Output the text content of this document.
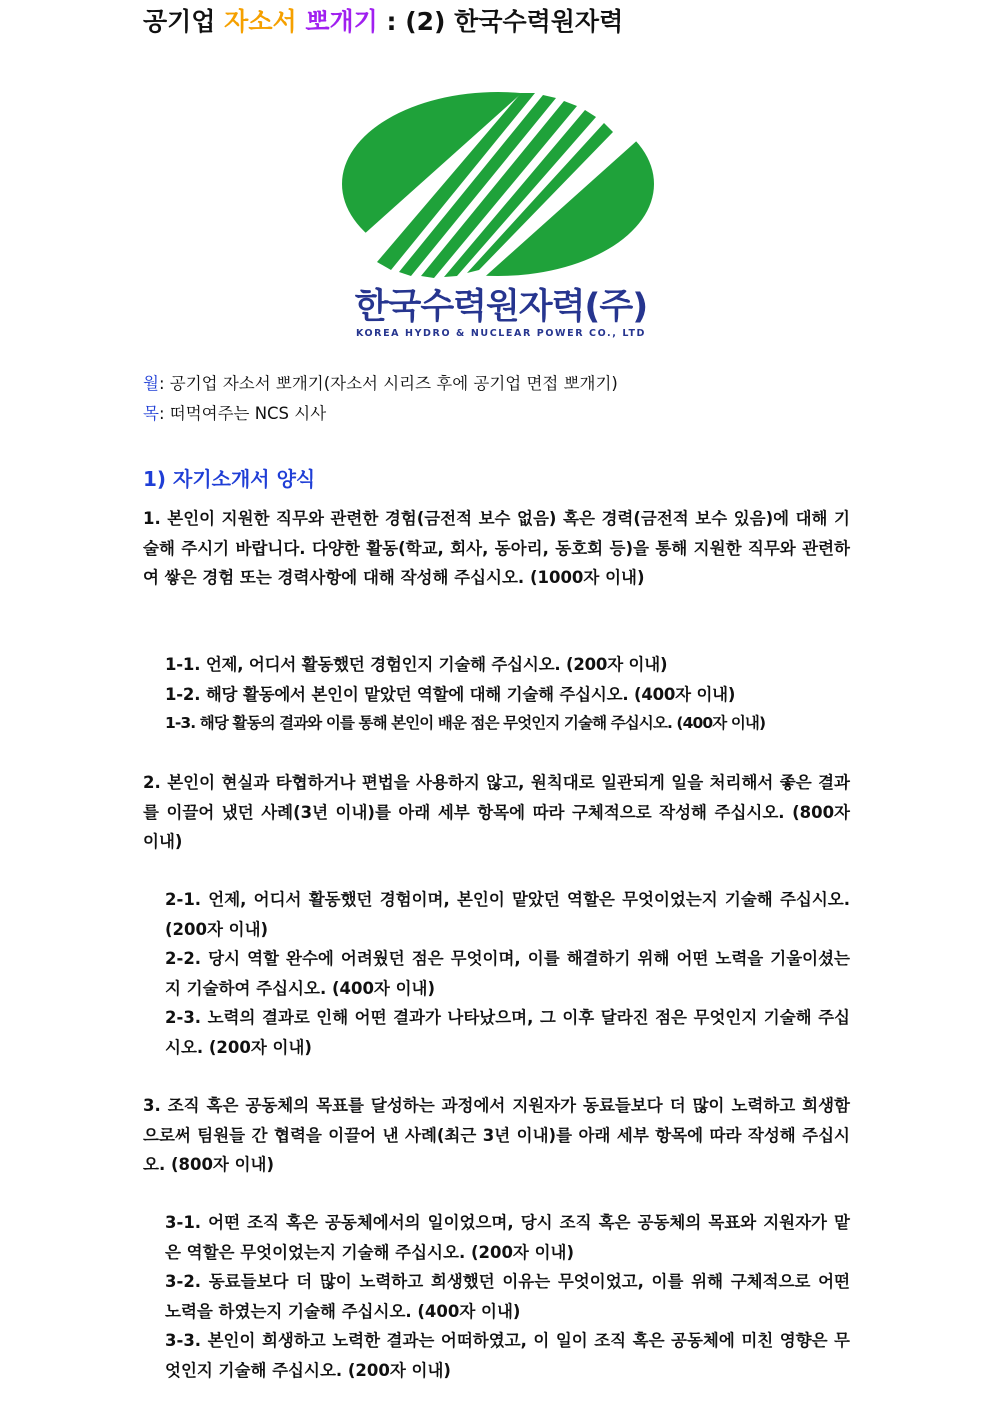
공기업 자소서 뽀개기 : (2) 한국수력원자력
한국수력원자력(주)
KOREA HYDRO & NUCLEAR POWER CO., LTD
월: 공기업 자소서 뽀개기(자소서 시리즈 후에 공기업 면접 뽀개기)
목: 떠먹여주는 NCS 시사
1) 자기소개서 양식
1. 본인이 지원한 직무와 관련한 경험(금전적 보수 없음) 혹은 경력(금전적 보수 있음)에 대해 기술해 주시기 바랍니다. 다양한 활동(학교, 회사, 동아리, 동호회 등)을 통해 지원한 직무와 관련하여 쌓은 경험 또는 경력사항에 대해 작성해 주십시오. (1000자 이내)
1-1. 언제, 어디서 활동했던 경험인지 기술해 주십시오. (200자 이내)
1-2. 해당 활동에서 본인이 맡았던 역할에 대해 기술해 주십시오. (400자 이내)
1-3. 해당 활동의 결과와 이를 통해 본인이 배운 점은 무엇인지 기술해 주십시오. (400자 이내)
2. 본인이 현실과 타협하거나 편법을 사용하지 않고, 원칙대로 일관되게 일을 처리해서 좋은 결과를 이끌어 냈던 사례(3년 이내)를 아래 세부 항목에 따라 구체적으로 작성해 주십시오. (800자 이내)
2-1. 언제, 어디서 활동했던 경험이며, 본인이 맡았던 역할은 무엇이었는지 기술해 주십시오. (200자 이내)
2-2. 당시 역할 완수에 어려웠던 점은 무엇이며, 이를 해결하기 위해 어떤 노력을 기울이셨는지 기술하여 주십시오. (400자 이내)
2-3. 노력의 결과로 인해 어떤 결과가 나타났으며, 그 이후 달라진 점은 무엇인지 기술해 주십시오. (200자 이내)
3. 조직 혹은 공동체의 목표를 달성하는 과정에서 지원자가 동료들보다 더 많이 노력하고 희생함으로써 팀원들 간 협력을 이끌어 낸 사례(최근 3년 이내)를 아래 세부 항목에 따라 작성해 주십시오. (800자 이내)
3-1. 어떤 조직 혹은 공동체에서의 일이었으며, 당시 조직 혹은 공동체의 목표와 지원자가 맡은 역할은 무엇이었는지 기술해 주십시오. (200자 이내)
3-2. 동료들보다 더 많이 노력하고 희생했던 이유는 무엇이었고, 이를 위해 구체적으로 어떤 노력을 하였는지 기술해 주십시오. (400자 이내)
3-3. 본인이 희생하고 노력한 결과는 어떠하였고, 이 일이 조직 혹은 공동체에 미친 영향은 무엇인지 기술해 주십시오. (200자 이내)
